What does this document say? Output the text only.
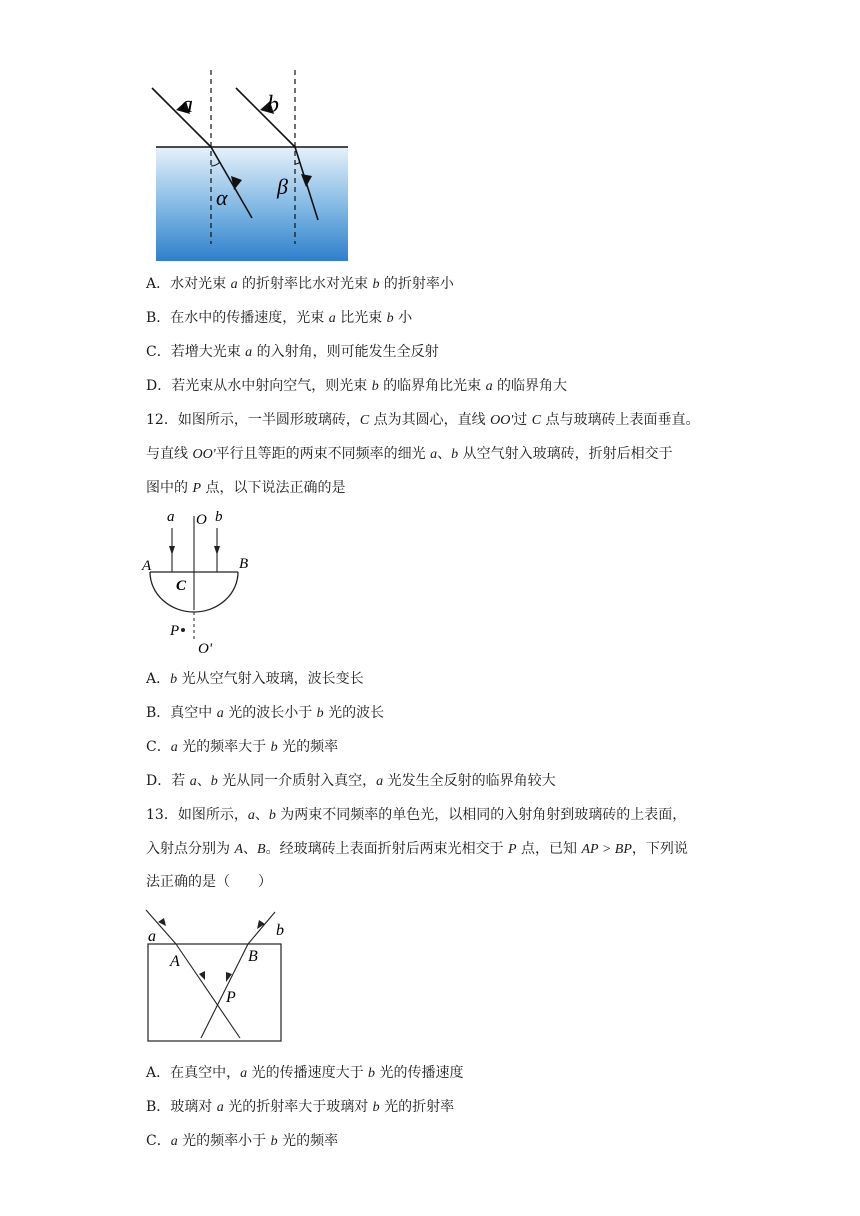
a	b
α β
A．水对光束 a 的折射率比水对光束 b 的折射率小
B．在水中的传播速度，光束 a 比光束 b 小
C．若增大光束 a 的入射角，则可能发生全反射
D．若光束从水中射向空气，则光束 b 的临界角比光束 a 的临界角大
12．如图所示，一半圆形玻璃砖，C 点为其圆心，直线 OO'过 C 点与玻璃砖上表面垂直。
与直线 OO'平行且等距的两束不同频率的细光 a、b 从空气射入玻璃砖，折射后相交于
图中的 P 点，以下说法正确的是
a O b
A	B
C
P
O'
A．b 光从空气射入玻璃，波长变长
B．真空中 a 光的波长小于 b 光的波长
C．a 光的频率大于 b 光的频率
D．若 a、b 光从同一介质射入真空，a 光发生全反射的临界角较大
13．如图所示，a、b 为两束不同频率的单色光，以相同的入射角射到玻璃砖的上表面，
入射点分别为 A、B。经玻璃砖上表面折射后两束光相交于 P 点，已知 AP > BP，下列说
法正确的是（　　）
a	b
A	B
P
A．在真空中，a 光的传播速度大于 b 光的传播速度
B．玻璃对 a 光的折射率大于玻璃对 b 光的折射率
C．a 光的频率小于 b 光的频率
